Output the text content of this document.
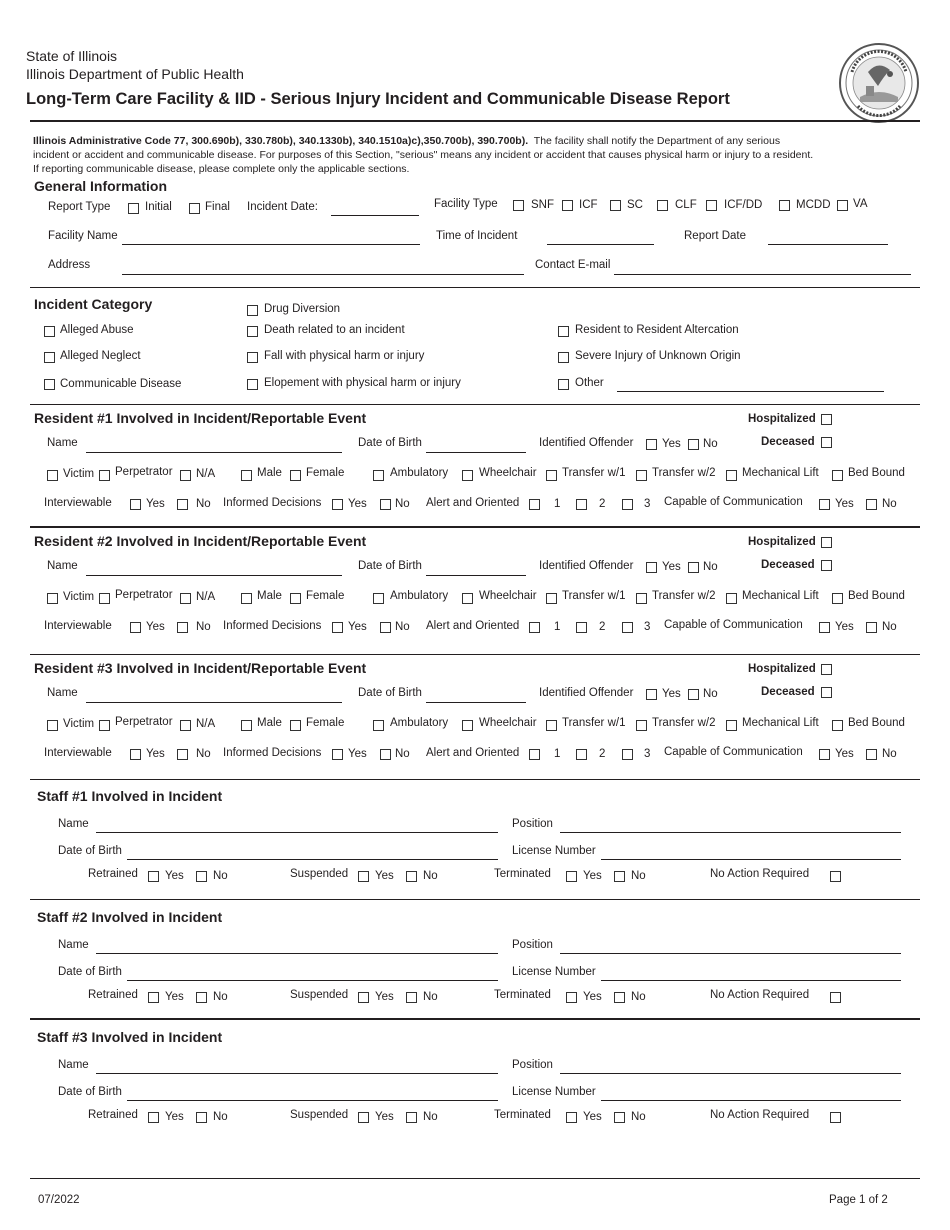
State of Illinois
Illinois Department of Public Health
Long-Term Care Facility & IID - Serious Injury Incident and Communicable Disease Report
Illinois Administrative Code 77, 300.690b), 330.780b), 340.1330b), 340.1510a)c),350.700b), 390.700b). The facility shall notify the Department of any serious
incident or accident and communicable disease. For purposes of this Section, "serious" means any incident or accident that causes physical harm or injury to a resident.
If reporting communicable disease, please complete only the applicable sections.
General Information
Report Type	Initial	Final Incident Date:	Facility Type	SNF ICF	SC	CLF ICF/DD	MCDD VA
Facility Name	Time of Incident	Report Date
Address	Contact E-mail
Incident Category	Drug Diversion
Alleged Abuse	Death related to an incident	Resident to Resident Altercation
Alleged Neglect	Fall with physical harm or injury	Severe Injury of Unknown Origin
Communicable Disease	Elopement with physical harm or injury	Other
Resident #1 Involved in Incident/Reportable Event	Hospitalized
Deceased
Name	Date of Birth	Identified Offender Yes No
Victim Perpetrator N/A	Male Female	Ambulatory	Wheelchair Transfer w/1 Transfer w/2 Mechanical Lift	Bed Bound
Interviewable	Yes	No Informed Decisions Yes No Alert and Oriented	1	2	3 Capable of Communication	Yes No
Resident #2 Involved in Incident/Reportable Event	Hospitalized
Deceased
Name	Date of Birth	Identified Offender Yes No
Victim Perpetrator N/A	Male Female	Ambulatory	Wheelchair Transfer w/1 Transfer w/2 Mechanical Lift	Bed Bound
Interviewable	Yes	No Informed Decisions Yes No Alert and Oriented	1	2	3 Capable of Communication	Yes No
Resident #3 Involved in Incident/Reportable Event	Hospitalized
Deceased
Name	Date of Birth	Identified Offender Yes No
Victim Perpetrator N/A	Male Female	Ambulatory	Wheelchair Transfer w/1 Transfer w/2 Mechanical Lift	Bed Bound
Interviewable	Yes	No Informed Decisions Yes No Alert and Oriented	1	2	3 Capable of Communication	Yes No
Staff #1 Involved in Incident
Name	Position
Date of Birth	License Number
Retrained Yes	No	Suspended Yes	No	Terminated	Yes	No	No Action Required
Staff #2 Involved in Incident
Name	Position
Date of Birth	License Number
Retrained Yes	No	Suspended Yes	No	Terminated	Yes	No	No Action Required
Staff #3 Involved in Incident
Name	Position
Date of Birth	License Number
Retrained Yes	No	Suspended Yes	No	Terminated	Yes	No	No Action Required
07/2022	Page 1 of 2
